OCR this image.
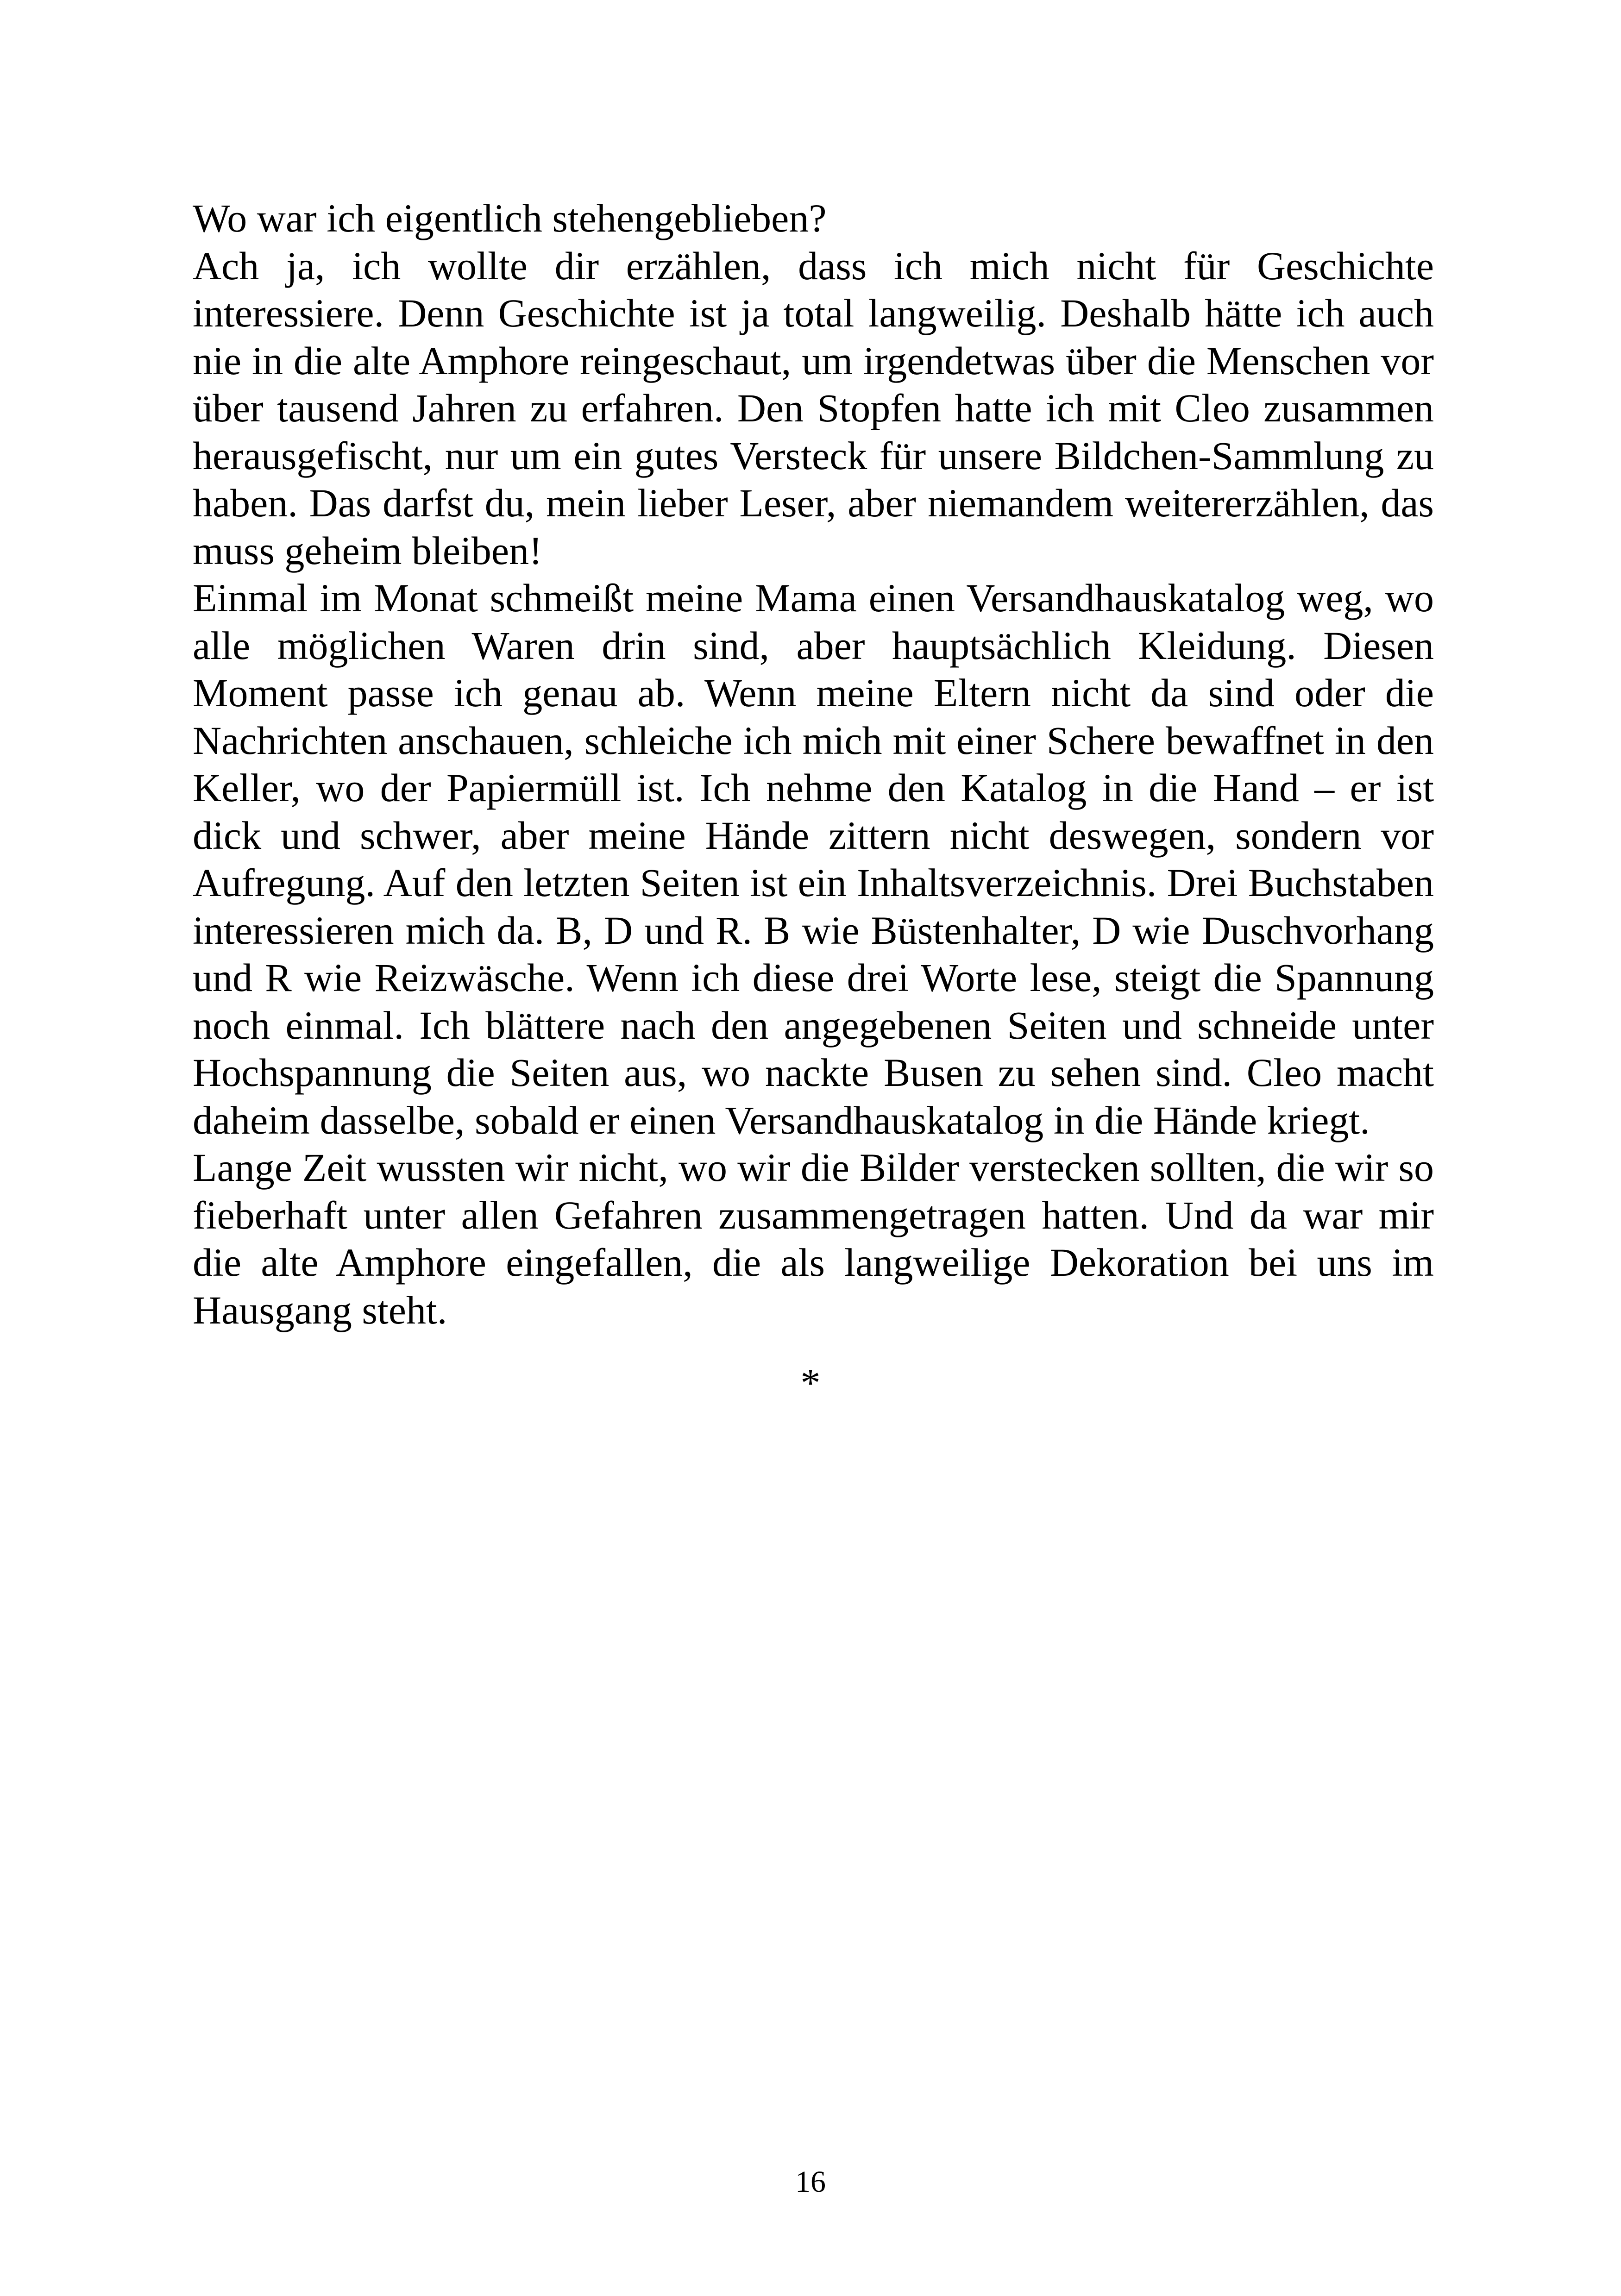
Wo war ich eigentlich stehengeblieben?

Ach ja, ich wollte dir erzählen, dass ich mich nicht für Geschichte interessiere. Denn Geschichte ist ja total langweilig. Deshalb hätte ich auch nie in die alte Amphore reingeschaut, um irgendetwas über die Menschen vor über tausend Jahren zu erfahren. Den Stopfen hatte ich mit Cleo zusammen herausgefischt, nur um ein gutes Versteck für unsere Bildchen-Sammlung zu haben. Das darfst du, mein lieber Leser, aber niemandem weitererzählen, das muss geheim bleiben!

Einmal im Monat schmeißt meine Mama einen Versandhauskatalog weg, wo alle möglichen Waren drin sind, aber hauptsächlich Kleidung. Diesen Moment passe ich genau ab. Wenn meine Eltern nicht da sind oder die Nachrichten anschauen, schleiche ich mich mit einer Schere bewaffnet in den Keller, wo der Papiermüll ist. Ich nehme den Katalog in die Hand – er ist dick und schwer, aber meine Hände zittern nicht deswegen, sondern vor Aufregung. Auf den letzten Seiten ist ein Inhaltsverzeichnis. Drei Buchstaben interessieren mich da. B, D und R. B wie Büstenhalter, D wie Duschvorhang und R wie Reizwäsche. Wenn ich diese drei Worte lese, steigt die Spannung noch einmal. Ich blättere nach den angegebenen Seiten und schneide unter Hochspannung die Seiten aus, wo nackte Busen zu sehen sind. Cleo macht daheim dasselbe, sobald er einen Versandhauskatalog in die Hände kriegt.

Lange Zeit wussten wir nicht, wo wir die Bilder verstecken sollten, die wir so fieberhaft unter allen Gefahren zusammengetragen hatten. Und da war mir die alte Amphore eingefallen, die als langweilige Dekoration bei uns im Hausgang steht.

*
16
